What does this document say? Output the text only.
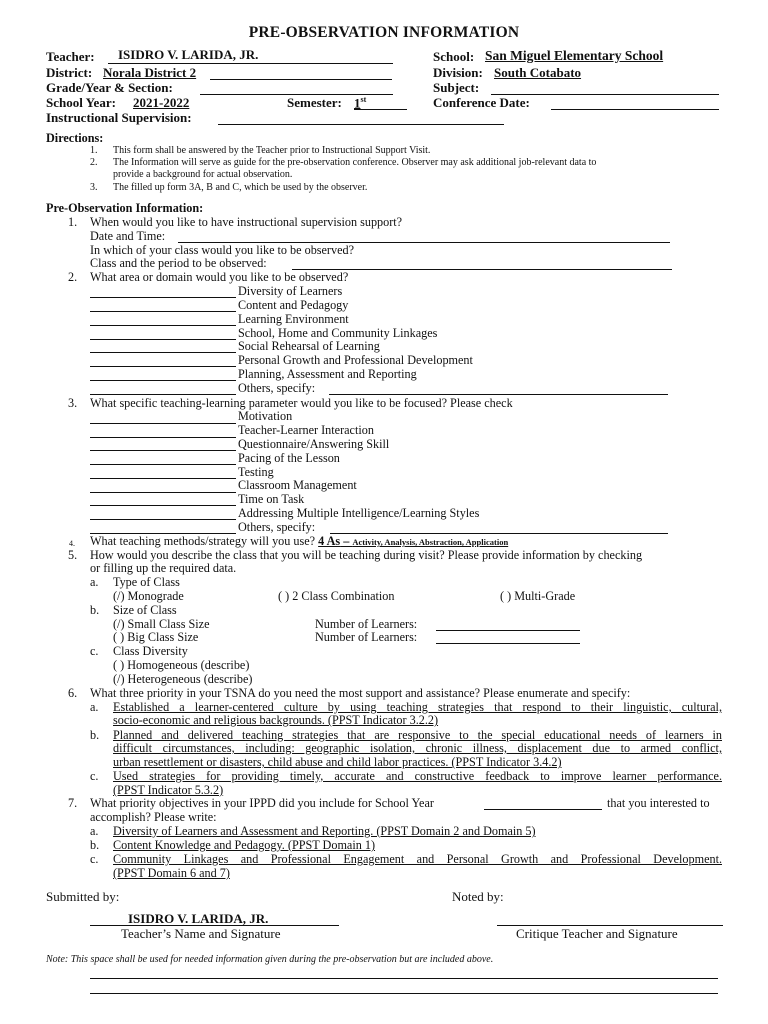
PRE-OBSERVATION INFORMATION
Teacher: ISIDRO V. LARIDA, JR.	School: San Miguel Elementary School
District: Norala District 2	Division: South Cotabato
Grade/Year & Section:	Subject:
School Year: 2021-2022	Semester: 1st	Conference Date:
Instructional Supervision:
Directions:
1. This form shall be answered by the Teacher prior to Instructional Support Visit.
2. The Information will serve as guide for the pre-observation conference. Observer may ask additional job-relevant data to
provide a background for actual observation.
3. The filled up form 3A, B and C, which be used by the observer.
Pre-Observation Information:
1. When would you like to have instructional supervision support?
Date and Time:
In which of your class would you like to be observed?
Class and the period to be observed:
2. What area or domain would you like to be observed?
Diversity of Learners
Content and Pedagogy
Learning Environment
School, Home and Community Linkages
Social Rehearsal of Learning
Personal Growth and Professional Development
Planning, Assessment and Reporting
Others, specify:
3. What specific teaching-learning parameter would you like to be focused? Please check
Motivation
Teacher-Learner Interaction
Questionnaire/Answering Skill
Pacing of the Lesson
Testing
Classroom Management
Time on Task
Addressing Multiple Intelligence/Learning Styles
Others, specify:
4. What teaching methods/strategy will you use? 4 As – Activity, Analysis, Abstraction, Application
5. How would you describe the class that you will be teaching during visit? Please provide information by checking
or filling up the required data.
a. Type of Class
(/) Monograde	( ) 2 Class Combination	( ) Multi-Grade
b. Size of Class
(/) Small Class Size	Number of Learners:
( ) Big Class Size	Number of Learners:
c. Class Diversity
( ) Homogeneous (describe)
(/) Heterogeneous (describe)
6. What three priority in your TSNA do you need the most support and assistance? Please enumerate and specify:
a. Established a learner-centered culture by using teaching strategies that respond to their linguistic, cultural,
socio-economic and religious backgrounds. (PPST Indicator 3.2.2)
b. Planned and delivered teaching strategies that are responsive to the special educational needs of learners in
difficult circumstances, including: geographic isolation, chronic illness, displacement due to armed conflict,
urban resettlement or disasters, child abuse and child labor practices. (PPST Indicator 3.4.2)
c. Used strategies for providing timely, accurate and constructive feedback to improve learner performance.
(PPST Indicator 5.3.2)
7. What priority objectives in your IPPD did you include for School Year	that you interested to
accomplish? Please write:
a. Diversity of Learners and Assessment and Reporting. (PPST Domain 2 and Domain 5)
b. Content Knowledge and Pedagogy. (PPST Domain 1)
c. Community Linkages and Professional Engagement and Personal Growth and Professional Development.
(PPST Domain 6 and 7)
Submitted by:	Noted by:
ISIDRO V. LARIDA, JR.
Teacher’s Name and Signature	Critique Teacher and Signature
Note: This space shall be used for needed information given during the pre-observation but are included above.
